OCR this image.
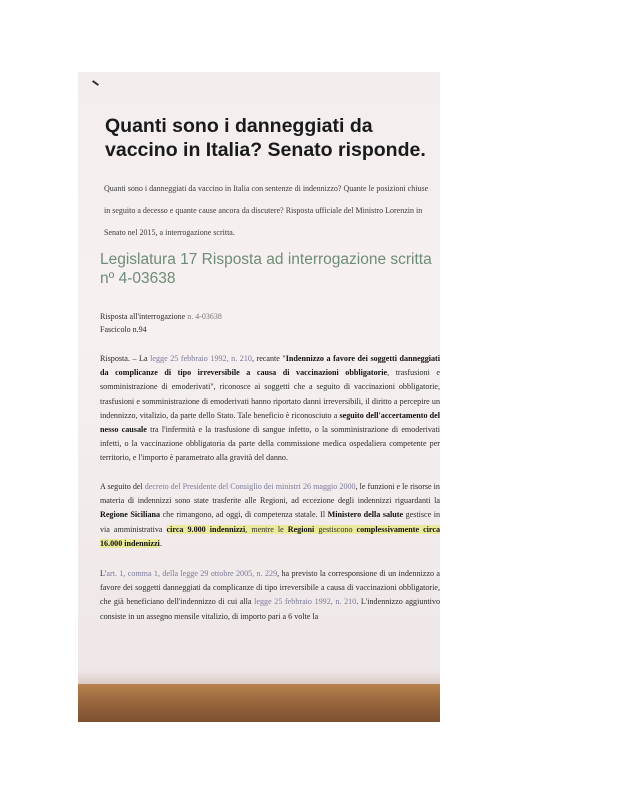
Quanti sono i danneggiati da vaccino in Italia? Senato risponde.

Quanti sono i danneggiati da vaccino in Italia con sentenze di indennizzo? Quante le posizioni chiuse in seguito a decesso e quante cause ancora da discutere? Risposta ufficiale del Ministro Lorenzin in Senato nel 2015, a interrogazione scritta.

Legislatura 17 Risposta ad interrogazione scritta nº 4-03638

Risposta all'interrogazione n. 4-03638

Fascicolo n.94

Risposta. – La legge 25 febbraio 1992, n. 210, recante "Indennizzo a favore dei soggetti danneggiati da complicanze di tipo irreversibile a causa di vaccinazioni obbligatorie, trasfusioni e somministrazione di emoderivati", riconosce ai soggetti che a seguito di vaccinazioni obbligatorie, trasfusioni e somministrazione di emoderivati hanno riportato danni irreversibili, il diritto a percepire un indennizzo, vitalizio, da parte dello Stato. Tale beneficio è riconosciuto a seguito dell'accertamento del nesso causale tra l'infermità e la trasfusione di sangue infetto, o la somministrazione di emoderivati infetti, o la vaccinazione obbligatoria da parte della commissione medica ospedaliera competente per territorio, e l'importo è parametrato alla gravità del danno.

A seguito del decreto del Presidente del Consiglio dei ministri 26 maggio 2000, le funzioni e le risorse in materia di indennizzi sono state trasferite alle Regioni, ad eccezione degli indennizzi riguardanti la Regione Siciliana che rimangono, ad oggi, di competenza statale. Il Ministero della salute gestisce in via amministrativa circa 9.000 indennizzi, mentre le Regioni gestiscono complessivamente circa 16.000 indennizzi.

L'art. 1, comma 1, della legge 29 ottobre 2005, n. 229, ha previsto la corresponsione di un indennizzo a favore dei soggetti danneggiati da complicanze di tipo irreversibile a causa di vaccinazioni obbligatorie, che già beneficiano dell'indennizzo di cui alla legge 25 febbraio 1992, n. 210. L'indennizzo aggiuntivo consiste in un assegno mensile vitalizio, di importo pari a 6 volte la
